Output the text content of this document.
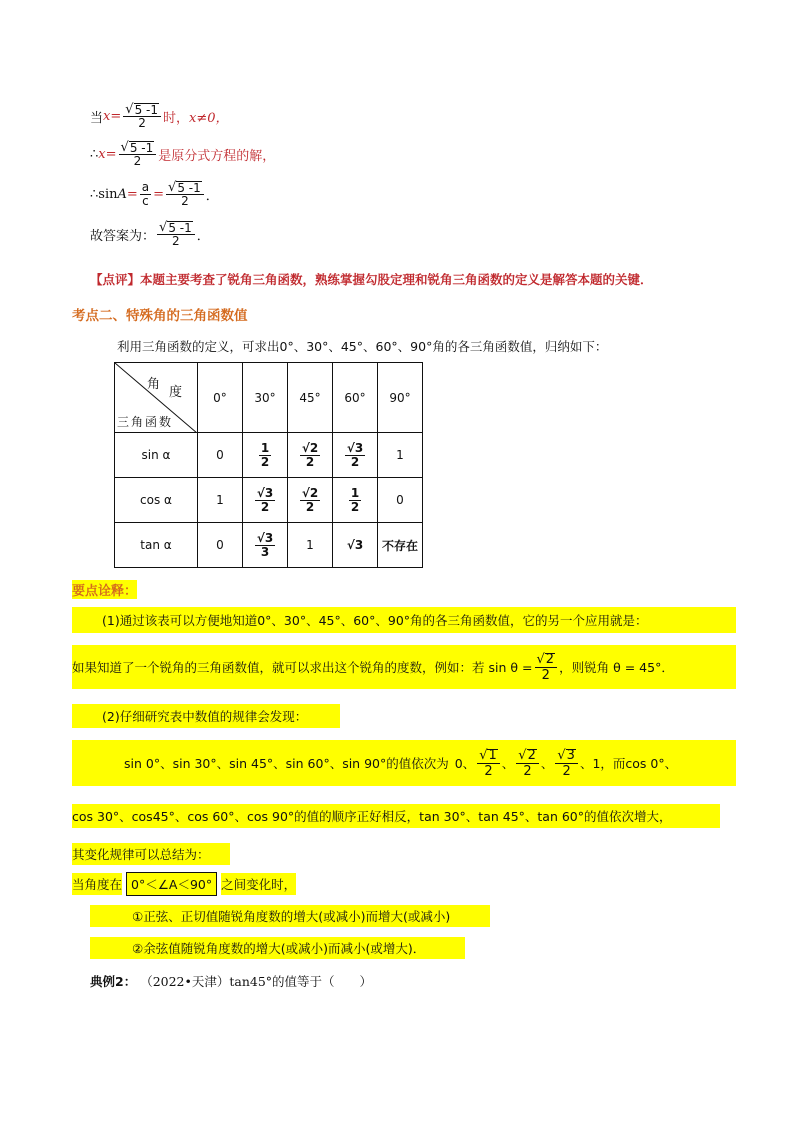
当 $x = \frac{√ 5 -1}{2}$ 时， x≠0，
∴ $x = \frac{√ 5 -1}{2}$ 是原分式方程的解，
∴sin $A = \frac{a}{c} = \frac{√ 5 -1}{2}$ ．
故答案为： $\frac{√ 5 -1}{2}$ ．
【点评】 本题主要考查了锐角三角函数，熟练掌握勾股定理和锐角三角函数的定义是解答本题的关键．
考点二、特殊角的三角函数值
利用三角函数的定义，可求出0°、30°、45°、60°、90°角的各三角函数值，归纳如下：
角
度
三角函数	0°	30°	45°	60°	90°
sin α	0	$\frac{1}{2}$	$\frac{√2}{2}$	$\frac{√3}{2}$	1
cos α	1	$\frac{√3}{2}$	$\frac{√2}{2}$	$\frac{1}{2}$	0
tan α	0	$\frac{√3}{3}$	1	√3	不存在
要点诠释：
(1)通过该表可以方便地知道0°、30°、45°、60°、90°角的各三角函数值，它的另一个应用就是：
如果知道了一个锐角的三角函数值，就可以求出这个锐角的度数，例如：若 $\sin \theta = \frac{√ 2}{2}$ ，则锐角 θ = 45° ．
(2)仔细研究表中数值的规律会发现：
sin 0°、sin 30°、sin 45°、sin 60°、sin 90°的值依次为 0、 $\frac{√ 1}{2}$ 、 $\frac{√ 2}{2}$ 、 $\frac{√ 3}{2}$ 、1 ，而cos 0°、
cos 30°、cos45°、cos 60°、cos 90°的值的顺序正好相反，tan 30°、tan 45°、tan 60°的值依次增大，
其变化规律可以总结为：
当角度在 0°＜∠A＜90° 之间变化时，
①正弦、正切值随锐角度数的增大(或减小)而增大(或减小)
②余弦值随锐角度数的增大(或减小)而减小(或增大)．
典例2： （2022•天津）tan45°的值等于（　　）
